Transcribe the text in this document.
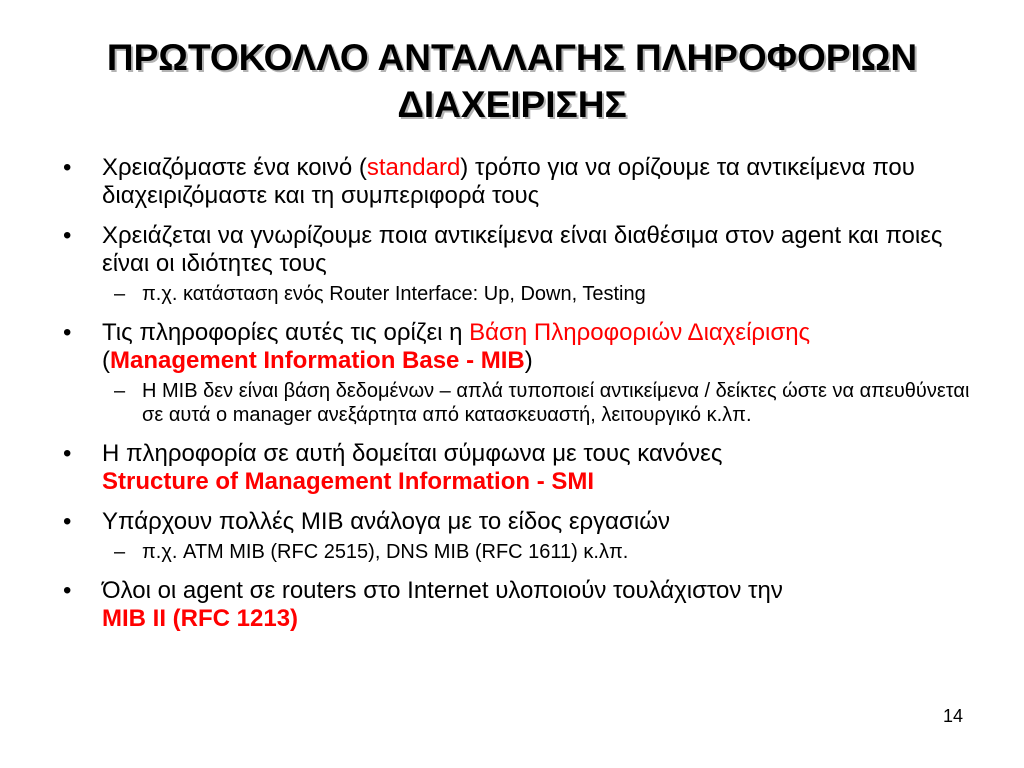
ΠΡΩΤΟΚΟΛΛΟ ΑΝΤΑΛΛΑΓΗΣ ΠΛΗΡΟΦΟΡΙΩΝ
ΔΙΑΧΕΙΡΙΣΗΣ
• Χρειαζόμαστε ένα κοινό (standard) τρόπο για να ορίζουμε τα αντικείμενα που διαχειριζόμαστε και τη συμπεριφορά τους
• Χρειάζεται να γνωρίζουμε ποια αντικείμενα είναι διαθέσιμα στον agent και ποιες είναι οι ιδιότητες τους
– π.χ. κατάσταση ενός Router Interface: Up, Down, Testing
• Τις πληροφορίες αυτές τις ορίζει η Βάση Πληροφοριών Διαχείρισης
(Management Information Base - MIB)
– Η MIB δεν είναι βάση δεδομένων – απλά τυποποιεί αντικείμενα / δείκτες ώστε να απευθύνεται σε αυτά ο manager ανεξάρτητα από κατασκευαστή, λειτουργικό κ.λπ.
• Η πληροφορία σε αυτή δομείται σύμφωνα με τους κανόνες
Structure of Management Information - SMI
• Υπάρχουν πολλές MIB ανάλογα με το είδος εργασιών
– π.χ. ATM MIB (RFC 2515), DNS MIB (RFC 1611) κ.λπ.
• Όλοι οι agent σε routers στο Internet υλοποιούν τουλάχιστον την
MIB II (RFC 1213)
14
